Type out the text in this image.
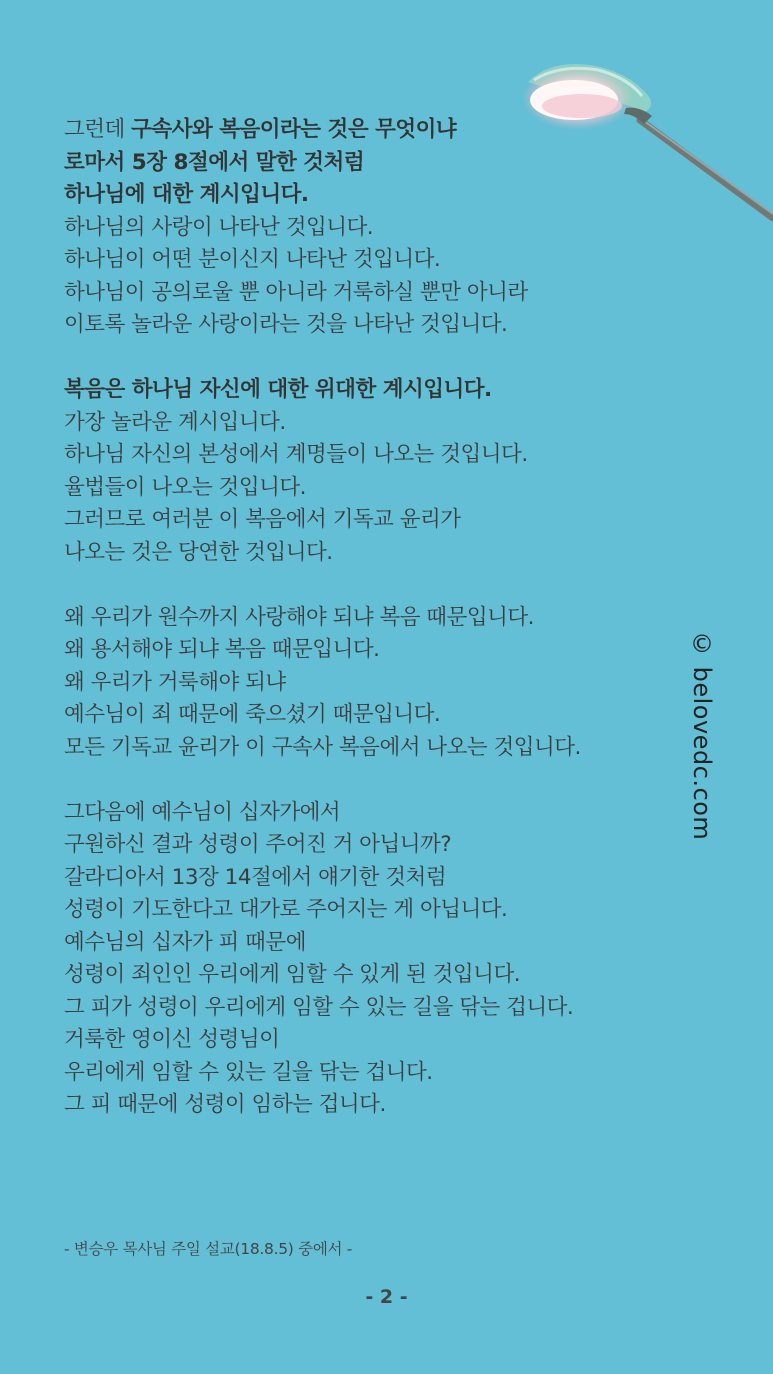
그런데 구속사와 복음이라는 것은 무엇이냐
로마서 5장 8절에서 말한 것처럼
하나님에 대한 계시입니다.
하나님의 사랑이 나타난 것입니다.
하나님이 어떤 분이신지 나타난 것입니다.
하나님이 공의로울 뿐 아니라 거룩하실 뿐만 아니라
이토록 놀라운 사랑이라는 것을 나타난 것입니다.
복음은 하나님 자신에 대한 위대한 계시입니다.
가장 놀라운 계시입니다.
하나님 자신의 본성에서 계명들이 나오는 것입니다.
율법들이 나오는 것입니다.
그러므로 여러분 이 복음에서 기독교 윤리가
나오는 것은 당연한 것입니다.
왜 우리가 원수까지 사랑해야 되냐 복음 때문입니다.
왜 용서해야 되냐 복음 때문입니다.
왜 우리가 거룩해야 되냐
예수님이 죄 때문에 죽으셨기 때문입니다.
모든 기독교 윤리가 이 구속사 복음에서 나오는 것입니다.
그다음에 예수님이 십자가에서
구원하신 결과 성령이 주어진 거 아닙니까?
갈라디아서 13장 14절에서 얘기한 것처럼
성령이 기도한다고 대가로 주어지는 게 아닙니다.
예수님의 십자가 피 때문에
성령이 죄인인 우리에게 임할 수 있게 된 것입니다.
그 피가 성령이 우리에게 임할 수 있는 길을 닦는 겁니다.
거룩한 영이신 성령님이
우리에게 임할 수 있는 길을 닦는 겁니다.
그 피 때문에 성령이 임하는 겁니다.
- 변승우 목사님 주일 설교(18.8.5) 중에서 -
- 2 -
© belovedc.com
